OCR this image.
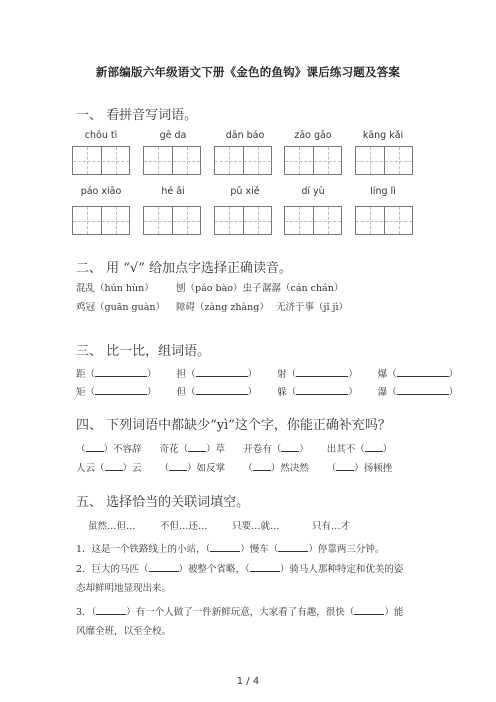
新部编版六年级语文下册《金色的鱼钩》课后练习题及答案
一、 看拼音写词语。
chōu tì	gē da	dān báo	zāo gāo	kāng kǎi
páo xiāo	hé ǎi	pǔ xiě	dí yù	líng lì
二、 用 “√” 给加点字选择正确读音。
混乱（hún hùn） 刨（páo bào）虫子 潺潺（cán chán）
鸡冠（guān guàn） 障碍（zàng zhàng） 无济于事（jǐ jì）
三、 比一比，组词语。
距（	） 担（	） 射（	） 爆（	）
矩（	） 但（	） 躲（	） 瀑（	）
四、 下列词语中都缺少“yì”这个字，你能正确补充吗？
（ ）不容辞 奇花（ ）草 开卷有（ ） 出其不（ ）
人云（ ）云 （ ）如反掌 （ ）然决然 （ ）扬顿挫
五、 选择恰当的关联词填空。
虽然…但…	不但…还…	只要…就…	只有…才
1．这是一个铁路线上的小站，（	）慢车（	）停靠两三分钟。
2．巨大的马匹（	）被整个省略，（	）骑马人那种特定和优美的姿
态却鲜明地显现出来。
3．（	）有一个人做了一件新鲜玩意，大家看了有趣，很快（	）能
风靡全班，以至全校。
1 / 4
